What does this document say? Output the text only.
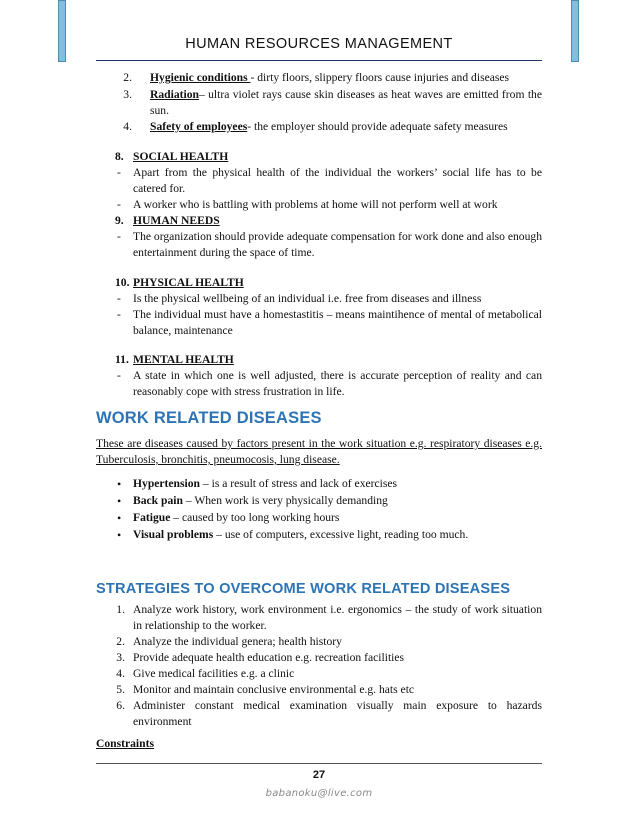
HUMAN RESOURCES MANAGEMENT
2. Hygienic conditions - dirty floors, slippery floors cause injuries and diseases
3. Radiation– ultra violet rays cause skin diseases as heat waves are emitted from the sun.
4. Safety of employees- the employer should provide adequate safety measures
8. SOCIAL HEALTH
- Apart from the physical health of the individual the workers’ social life has to be catered for.
- A worker who is battling with problems at home will not perform well at work
9. HUMAN NEEDS
- The organization should provide adequate compensation for work done and also enough entertainment during the space of time.
10. PHYSICAL HEALTH
- Is the physical wellbeing of an individual i.e. free from diseases and illness
- The individual must have a homestastitis – means maintihence of mental of metabolical balance, maintenance
11. MENTAL HEALTH
- A state in which one is well adjusted, there is accurate perception of reality and can reasonably cope with stress frustration in life.
WORK RELATED DISEASES
These are diseases caused by factors present in the work situation e.g. respiratory diseases e.g. Tuberculosis, bronchitis, pneumocosis, lung disease.
• Hypertension – is a result of stress and lack of exercises
• Back pain – When work is very physically demanding
• Fatigue – caused by too long working hours
• Visual problems – use of computers, excessive light, reading too much.
STRATEGIES TO OVERCOME WORK RELATED DISEASES
1. Analyze work history, work environment i.e. ergonomics – the study of work situation in relationship to the worker.
2. Analyze the individual genera; health history
3. Provide adequate health education e.g. recreation facilities
4. Give medical facilities e.g. a clinic
5. Monitor and maintain conclusive environmental e.g. hats etc
6. Administer constant medical examination visually main exposure to hazards environment
Constraints
27
babanoku@live.com
